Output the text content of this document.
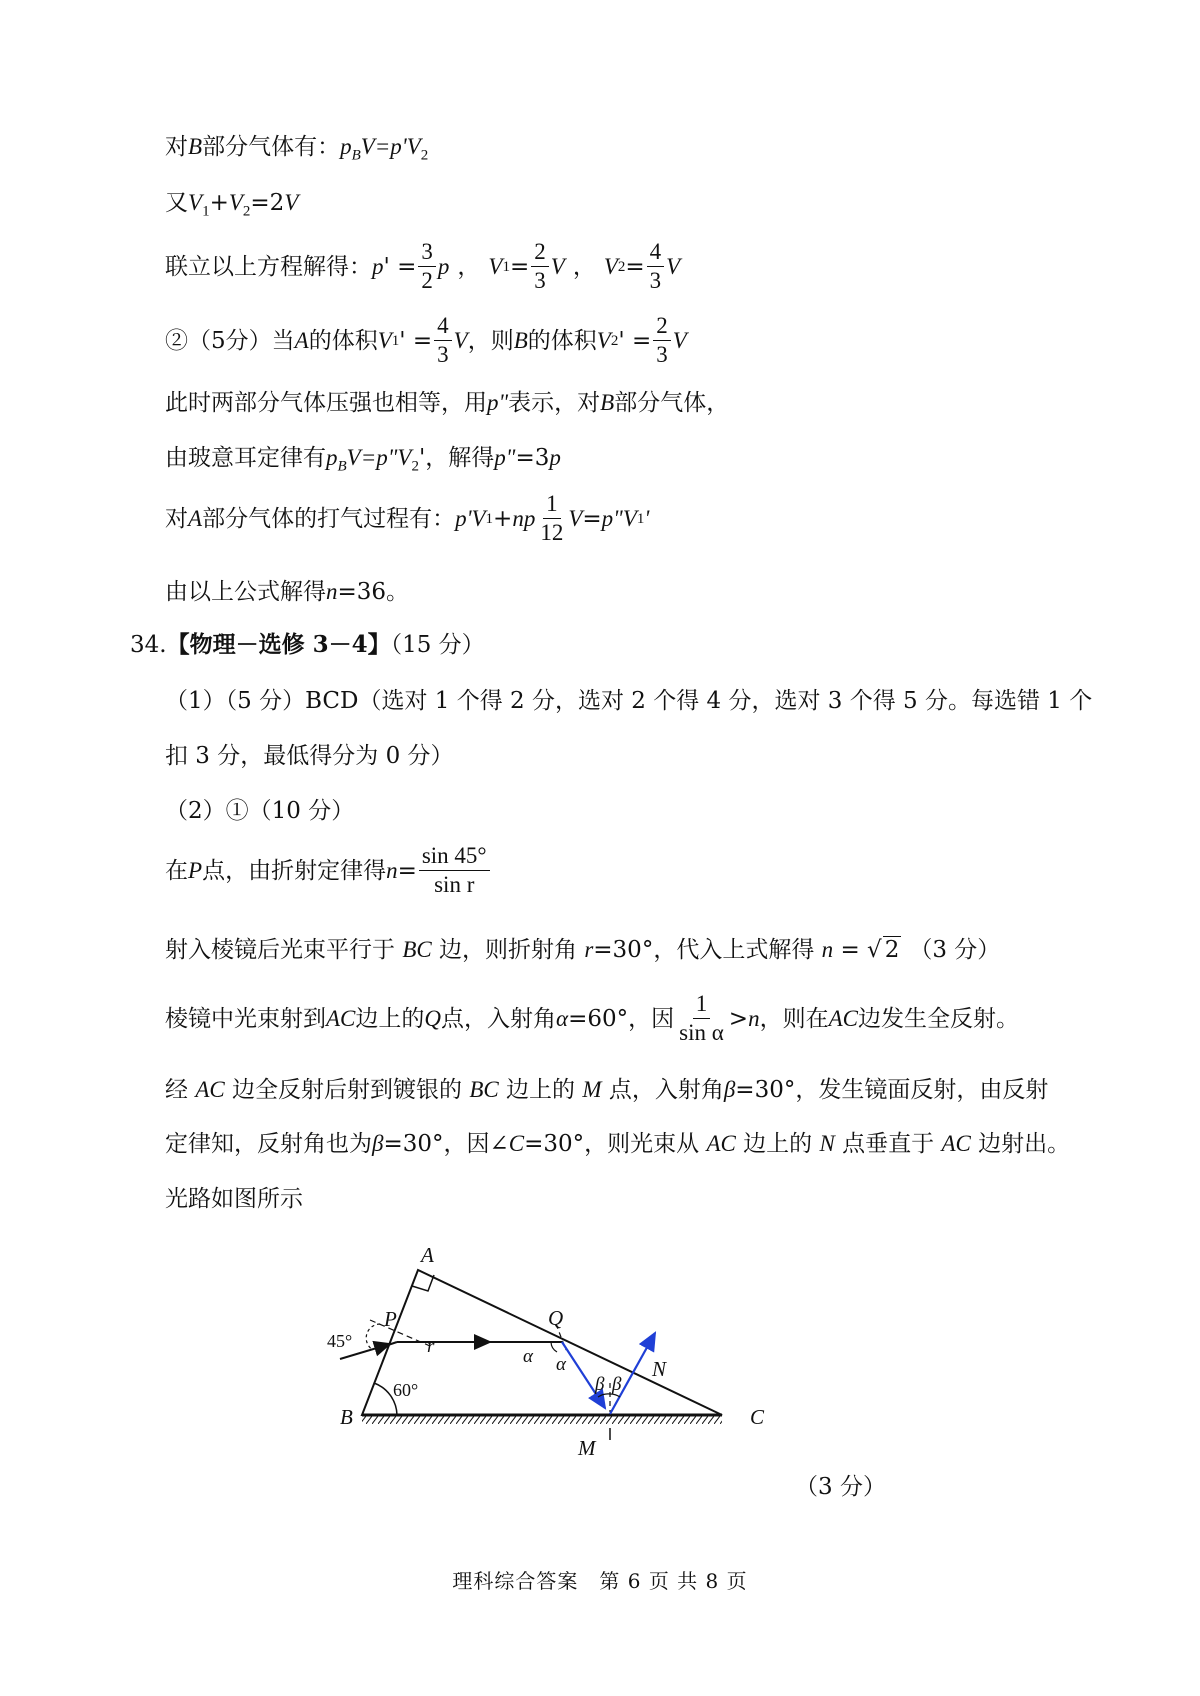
对B部分气体有：$p_BV=p'V_2$
又$V_1+V_2=2V$
联立以上方程解得： p ' = $\frac{3}{2}$ p ， V $1 = \frac{2}{3}$ V ， V $2 = \frac{4}{3}$ V
②（5分）当 A 的体积 V 1 ' = $\frac{4}{3}$ V ，则 B 的体积 V 2 ' = $\frac{2}{3}$ V
此时两部分气体压强也相等，用p"表示，对B部分气体，
由玻意耳定律有$p_BV=p"V_2'$，解得p"=3p
对 A 部分气体的打气过程有： p 'V 1 + np $\frac{1}{12}$ V = p "V 1 '
由以上公式解得n=36。
34.【物理－选修 3－4】（15 分）
（1）（5 分）BCD（选对 1 个得 2 分，选对 2 个得 4 分，选对 3 个得 5 分。每选错 1 个
扣 3 分，最低得分为 0 分）
（2）①（10 分）
在 P 点，由折射定律得 $n = \frac{\sin 45^\circ}{\text{sin r}}$
射入棱镜后光束平行于 BC 边，则折射角 r=30°，代入上式解得 n = √ 2 （3 分）
棱镜中光束射到 AC 边上的 Q 点，入射角 α =60°，因 $\frac{1}{\text{sin α}} > n$ ，则在 AC 边发生全反射。
经 AC 边全反射后射到镀银的 BC 边上的 M 点，入射角β=30°，发生镜面反射，由反射
定律知，反射角也为β=30°，因∠C=30°，则光束从 AC 边上的 N 点垂直于 AC 边射出。
光路如图所示
A
B	C
P	Q
M
N
45°
60°
r	α α
β β
（3 分）
理科综合答案　第 6 页 共 8 页
